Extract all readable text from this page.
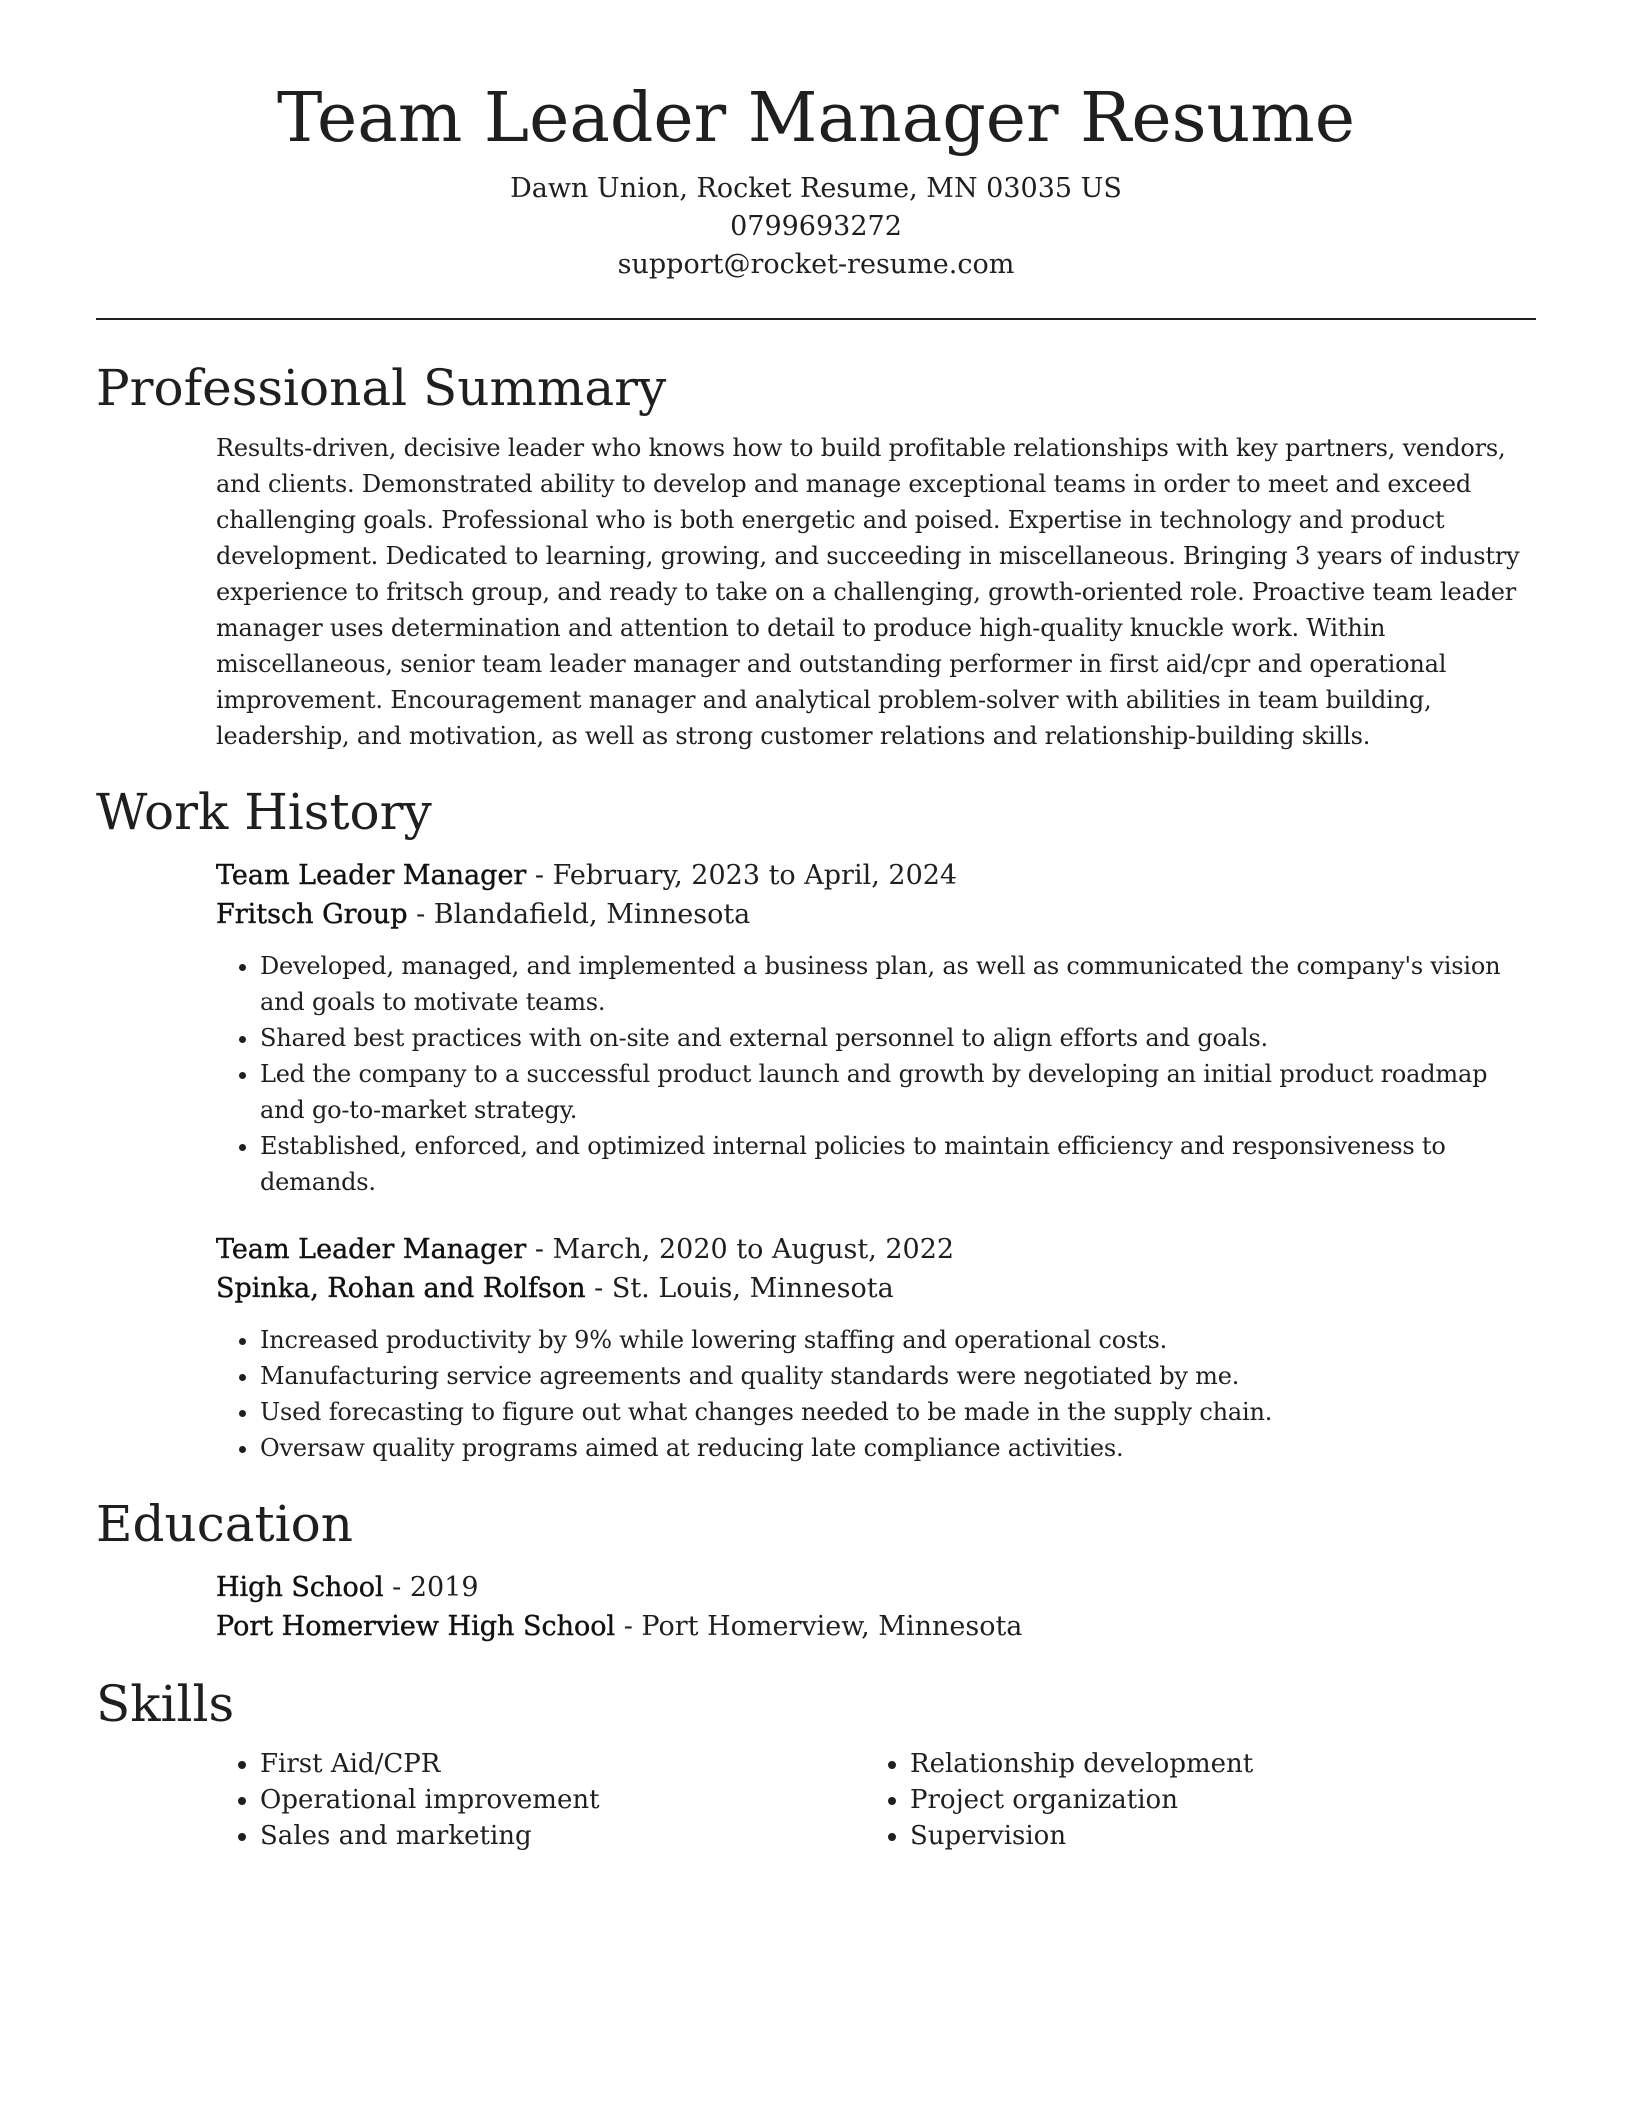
Team Leader Manager Resume
Dawn Union, Rocket Resume, MN 03035 US
0799693272
support@rocket-resume.com
Professional Summary

Results-driven, decisive leader who knows how to build profitable relationships with key partners, vendors, and clients. Demonstrated ability to develop and manage exceptional teams in order to meet and exceed challenging goals. Professional who is both energetic and poised. Expertise in technology and product development. Dedicated to learning, growing, and succeeding in miscellaneous. Bringing 3 years of industry experience to fritsch group, and ready to take on a challenging, growth-oriented role. Proactive team leader manager uses determination and attention to detail to produce high-quality knuckle work. Within miscellaneous, senior team leader manager and outstanding performer in first aid/cpr and operational improvement. Encouragement manager and analytical problem-solver with abilities in team building, leadership, and motivation, as well as strong customer relations and relationship-building skills.

Work History
Team Leader Manager - February, 2023 to April, 2024
Fritsch Group - Blandafield, Minnesota
• Developed, managed, and implemented a business plan, as well as communicated the company's vision and goals to motivate teams.
• Shared best practices with on-site and external personnel to align efforts and goals.
• Led the company to a successful product launch and growth by developing an initial product roadmap and go-to-market strategy.
• Established, enforced, and optimized internal policies to maintain efficiency and responsiveness to demands.
Team Leader Manager - March, 2020 to August, 2022
Spinka, Rohan and Rolfson - St. Louis, Minnesota
• Increased productivity by 9% while lowering staffing and operational costs.
• Manufacturing service agreements and quality standards were negotiated by me.
• Used forecasting to figure out what changes needed to be made in the supply chain.
• Oversaw quality programs aimed at reducing late compliance activities.
Education
High School - 2019
Port Homerview High School - Port Homerview, Minnesota
Skills
• First Aid/CPR
• Operational improvement
• Sales and marketing
• Relationship development
• Project organization
• Supervision
